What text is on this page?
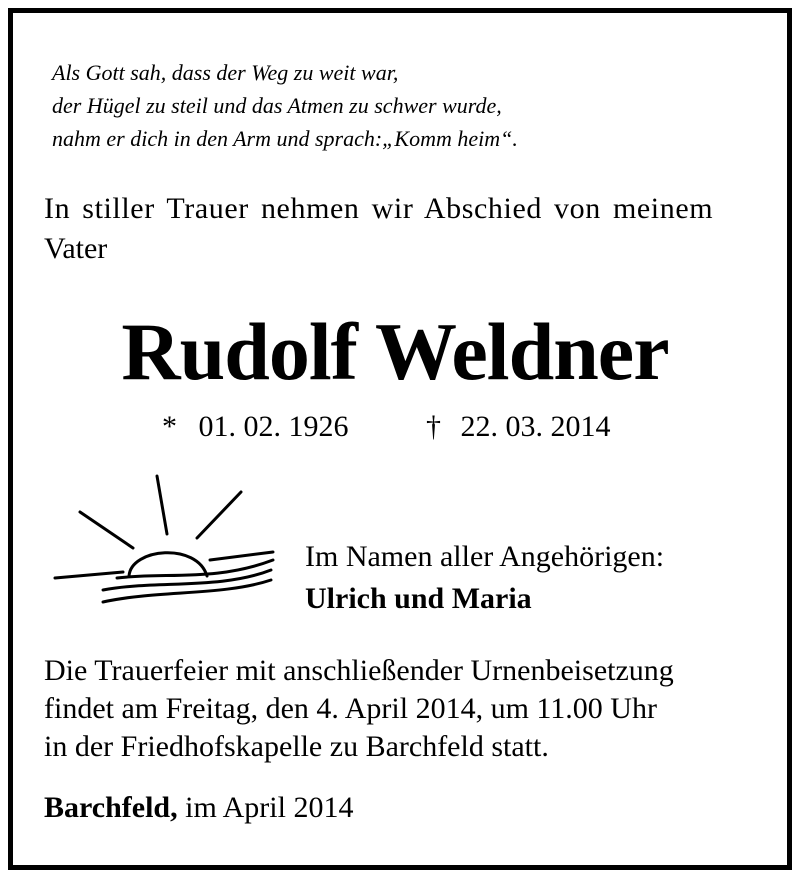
Als Gott sah, dass der Weg zu weit war,
der Hügel zu steil und das Atmen zu schwer wurde,
nahm er dich in den Arm und sprach:„Komm heim“.
In stiller Trauer nehmen wir Abschied von meinem
Vater
Rudolf Weldner
* 01. 02. 1926	† 22. 03. 2014
Im Namen aller Angehörigen:
Ulrich und Maria
Die Trauerfeier mit anschließender Urnenbeisetzung
findet am Freitag, den 4. April 2014, um 11.00 Uhr
in der Friedhofskapelle zu Barchfeld statt.
Barchfeld, im April 2014
